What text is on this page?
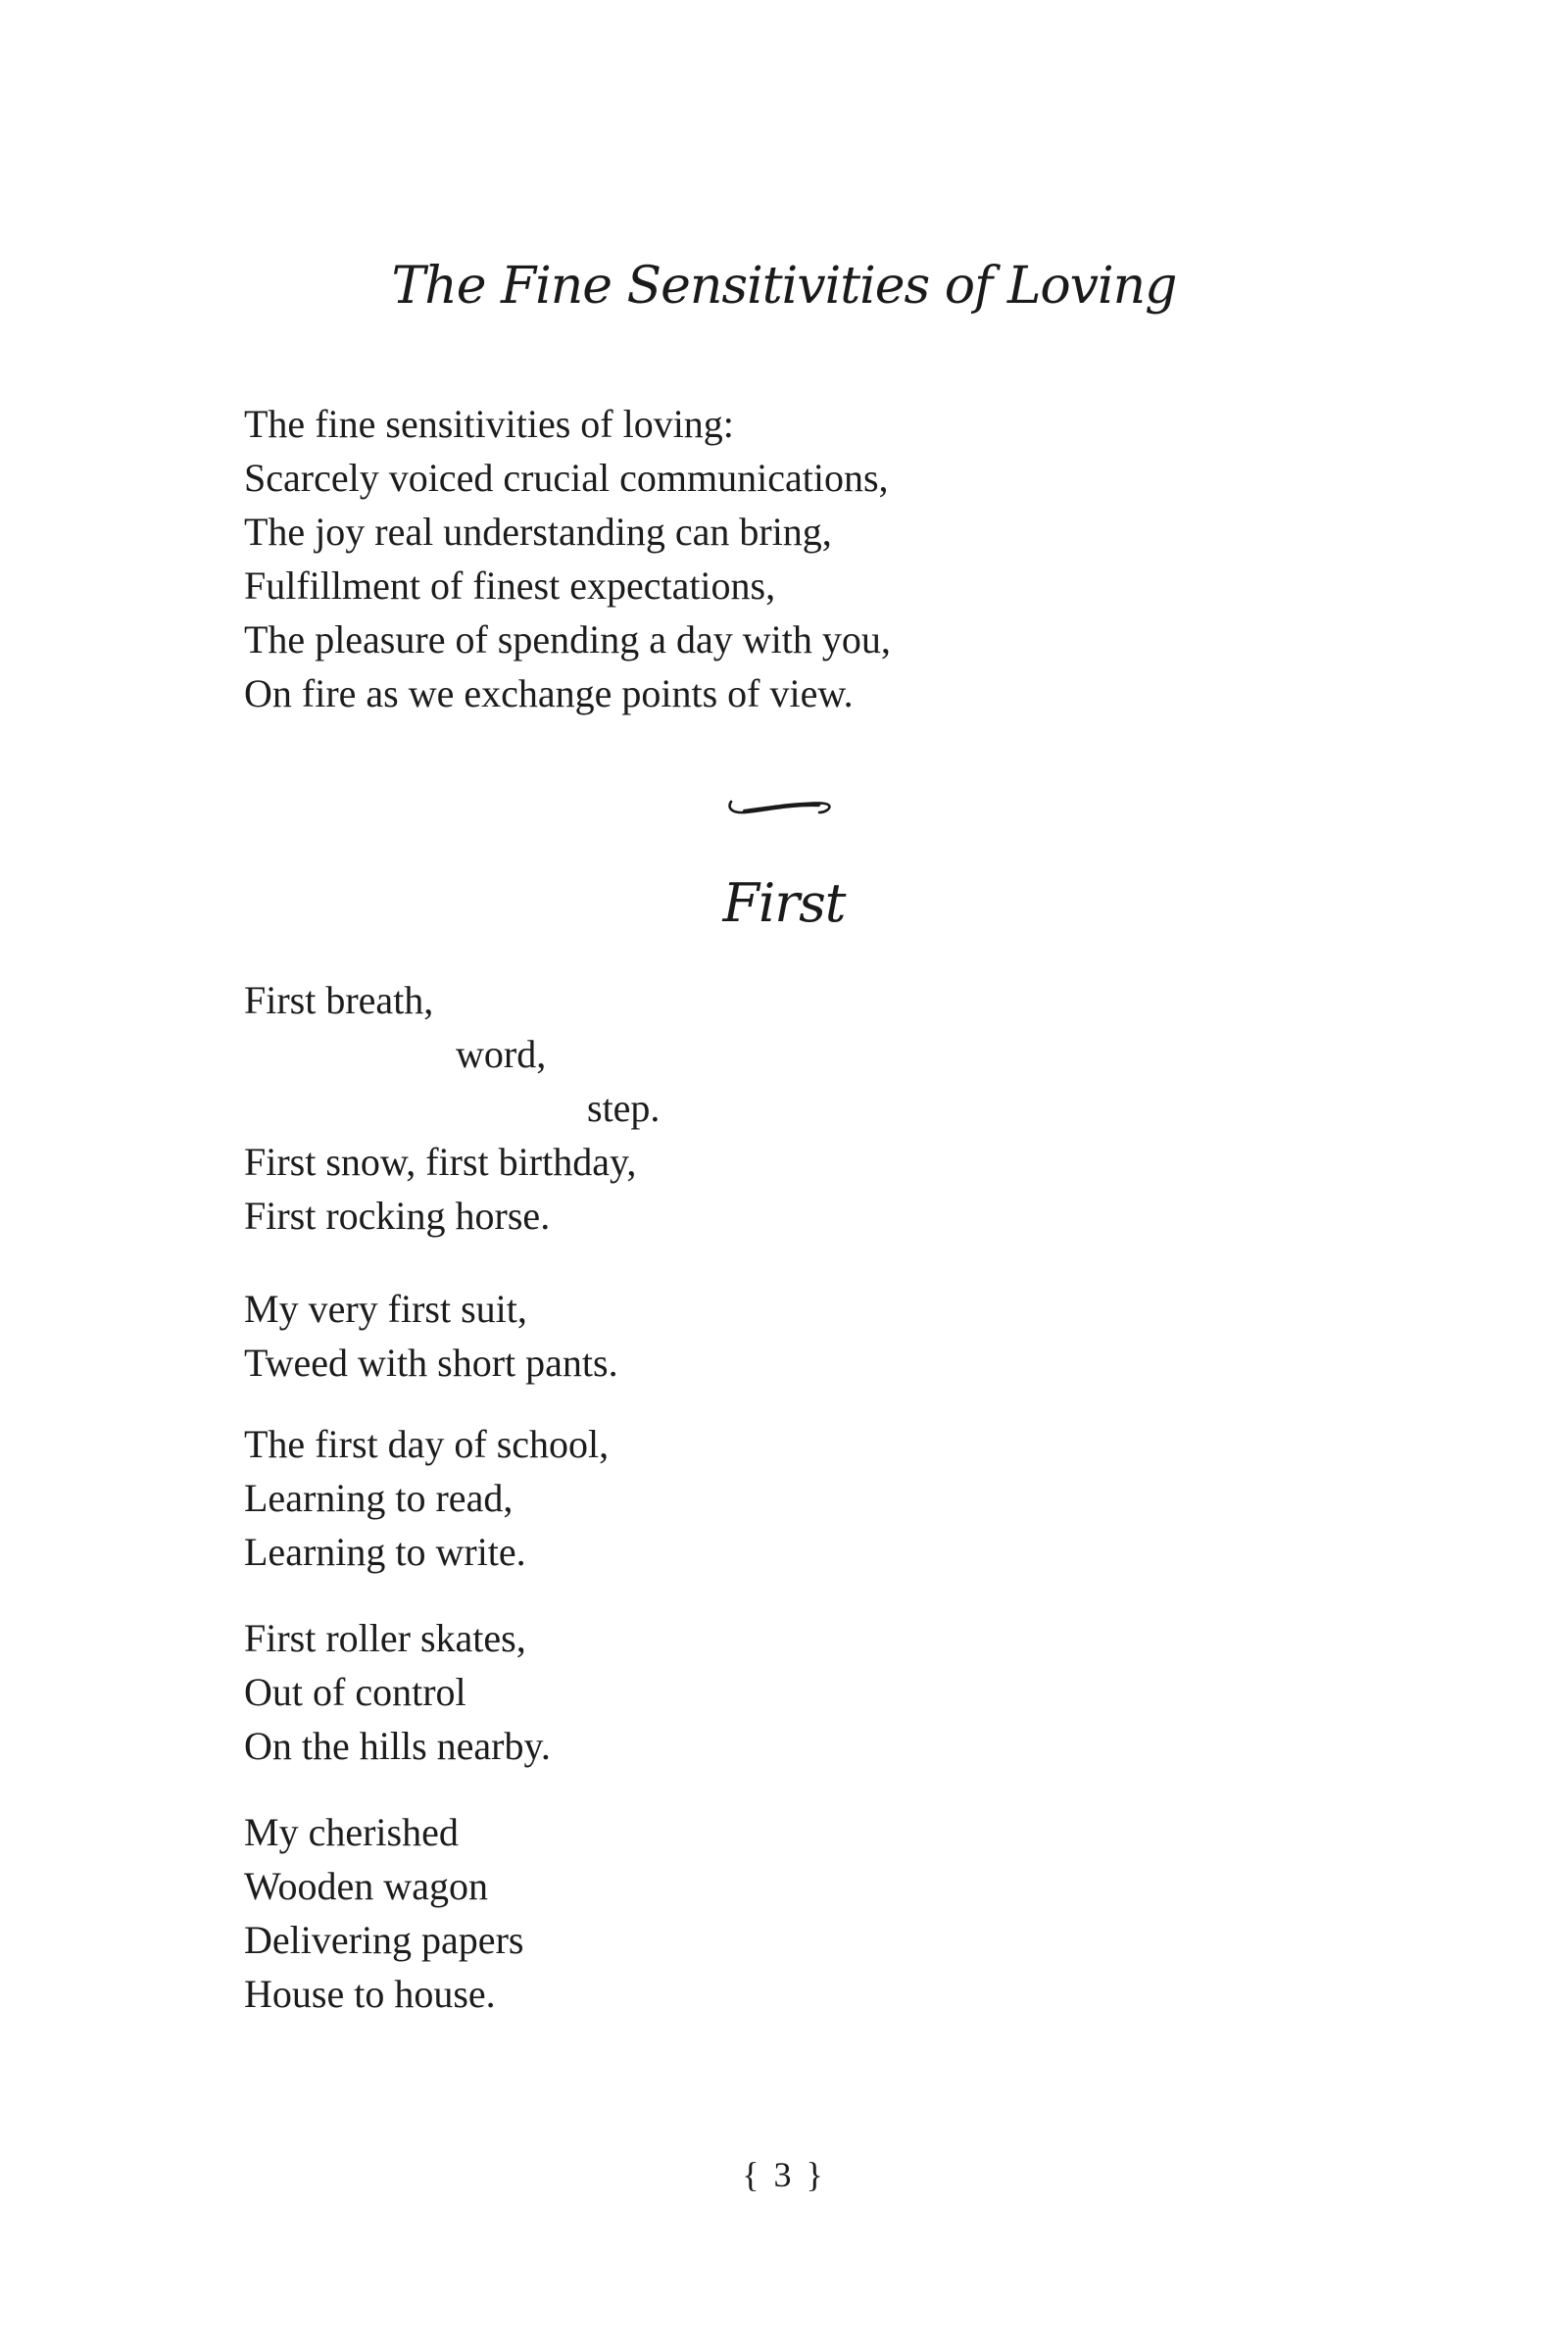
The Fine Sensitivities of Loving
The fine sensitivities of loving:
Scarcely voiced crucial communications,
The joy real understanding can bring,
Fulfillment of finest expectations,
The pleasure of spending a day with you,
On fire as we exchange points of view.
First
First breath,
word,
step.
First snow, first birthday,
First rocking horse.
My very first suit,
Tweed with short pants.
The first day of school,
Learning to read,
Learning to write.
First roller skates,
Out of control
On the hills nearby.
My cherished
Wooden wagon
Delivering papers
House to house.
{ 3 }
